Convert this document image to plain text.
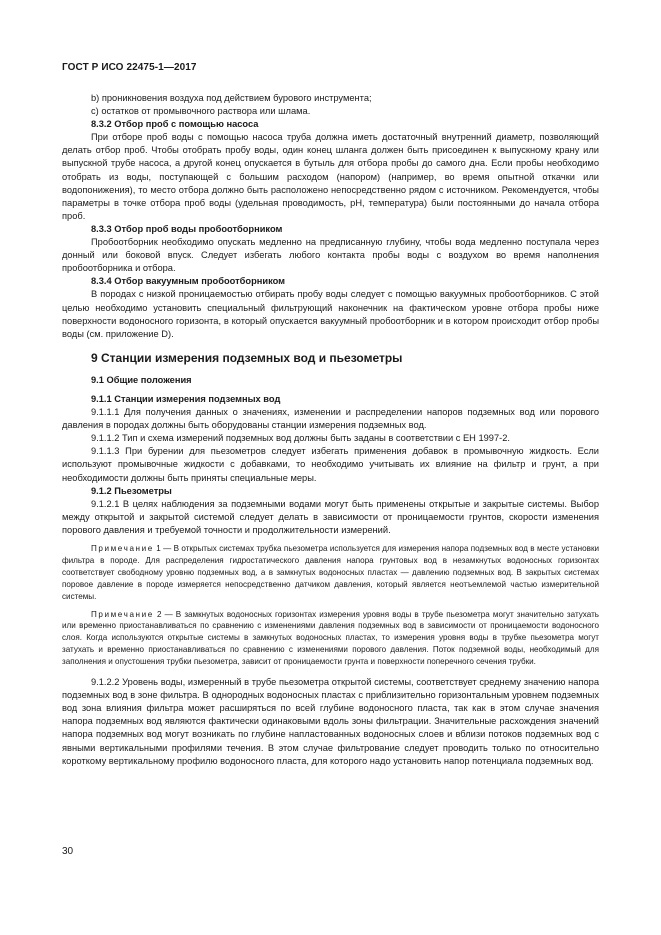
ГОСТ Р ИСО 22475-1—2017

b) проникновения воздуха под действием бурового инструмента;

c) остатков от промывочного раствора или шлама.

8.3.2 Отбор проб с помощью насоса

При отборе проб воды с помощью насоса труба должна иметь достаточный внутренний диаметр, позволяющий делать отбор проб. Чтобы отобрать пробу воды, один конец шланга должен быть присоединен к выпускному крану или выпускной трубе насоса, а другой конец опускается в бутыль для отбора пробы до самого дна. Если пробы необходимо отобрать из воды, поступающей с большим расходом (напором) (например, во время опытной откачки или водопонижения), то место отбора должно быть расположено непосредственно рядом с источником. Рекомендуется, чтобы параметры в точке отбора проб воды (удельная проводимость, pH, температура) были постоянными до начала отбора проб.

8.3.3 Отбор проб воды пробоотборником

Пробоотборник необходимо опускать медленно на предписанную глубину, чтобы вода медленно поступала через донный или боковой впуск. Следует избегать любого контакта пробы воды с воздухом во время наполнения пробоотборника и отбора.

8.3.4 Отбор вакуумным пробоотборником

В породах с низкой проницаемостью отбирать пробу воды следует с помощью вакуумных пробоотборников. С этой целью необходимо установить специальный фильтрующий наконечник на фактическом уровне отбора пробы ниже поверхности водоносного горизонта, в который опускается вакуумный пробоотборник и в котором происходит отбор пробы воды (см. приложение D).

9 Станции измерения подземных вод и пьезометры

9.1 Общие положения

9.1.1 Станции измерения подземных вод

9.1.1.1 Для получения данных о значениях, изменении и распределении напоров подземных вод или порового давления в породах должны быть оборудованы станции измерения подземных вод.

9.1.1.2 Тип и схема измерений подземных вод должны быть заданы в соответствии с ЕН 1997-2.

9.1.1.3 При бурении для пьезометров следует избегать применения добавок в промывочную жидкость. Если используют промывочные жидкости с добавками, то необходимо учитывать их влияние на фильтр и грунт, а при необходимости должны быть приняты специальные меры.

9.1.2 Пьезометры

9.1.2.1 В целях наблюдения за подземными водами могут быть применены открытые и закрытые системы. Выбор между открытой и закрытой системой следует делать в зависимости от проницаемости грунтов, скорости изменения порового давления и требуемой точности и продолжительности измерений.

Примечание 1 — В открытых системах трубка пьезометра используется для измерения напора подземных вод в месте установки фильтра в породе. Для распределения гидростатического давления напора грунтовых вод в незамкнутых водоносных горизонтах соответствует свободному уровню подземных вод, а в замкнутых водоносных пластах — давлению подземных вод. В закрытых системах поровое давление в породе измеряется непосредственно датчиком давления, который является неотъемлемой частью измерительной системы.

Примечание 2 — В замкнутых водоносных горизонтах измерения уровня воды в трубе пьезометра могут значительно затухать или временно приостанавливаться по сравнению с изменениями давления подземных вод в зависимости от проницаемости водоносного слоя. Когда используются открытые системы в замкнутых водоносных пластах, то измерения уровня воды в трубке пьезометра могут затухать и временно приостанавливаться по сравнению с изменениями порового давления. Поток подземной воды, необходимый для заполнения и опустошения трубки пьезометра, зависит от проницаемости грунта и поверхности поперечного сечения трубки.

9.1.2.2 Уровень воды, измеренный в трубе пьезометра открытой системы, соответствует среднему значению напора подземных вод в зоне фильтра. В однородных водоносных пластах с приблизительно горизонтальным уровнем подземных вод зона влияния фильтра может расширяться по всей глубине водоносного пласта, так как в этом случае значения напора подземных вод являются фактически одинаковыми вдоль зоны фильтрации. Значительные расхождения значений напора подземных вод могут возникать по глубине напластованных водоносных слоев и вблизи потоков подземных вод с явными вертикальными профилями течения. В этом случае фильтрование следует проводить только по относительно короткому вертикальному профилю водоносного пласта, для которого надо установить напор потенциала подземных вод.

30
